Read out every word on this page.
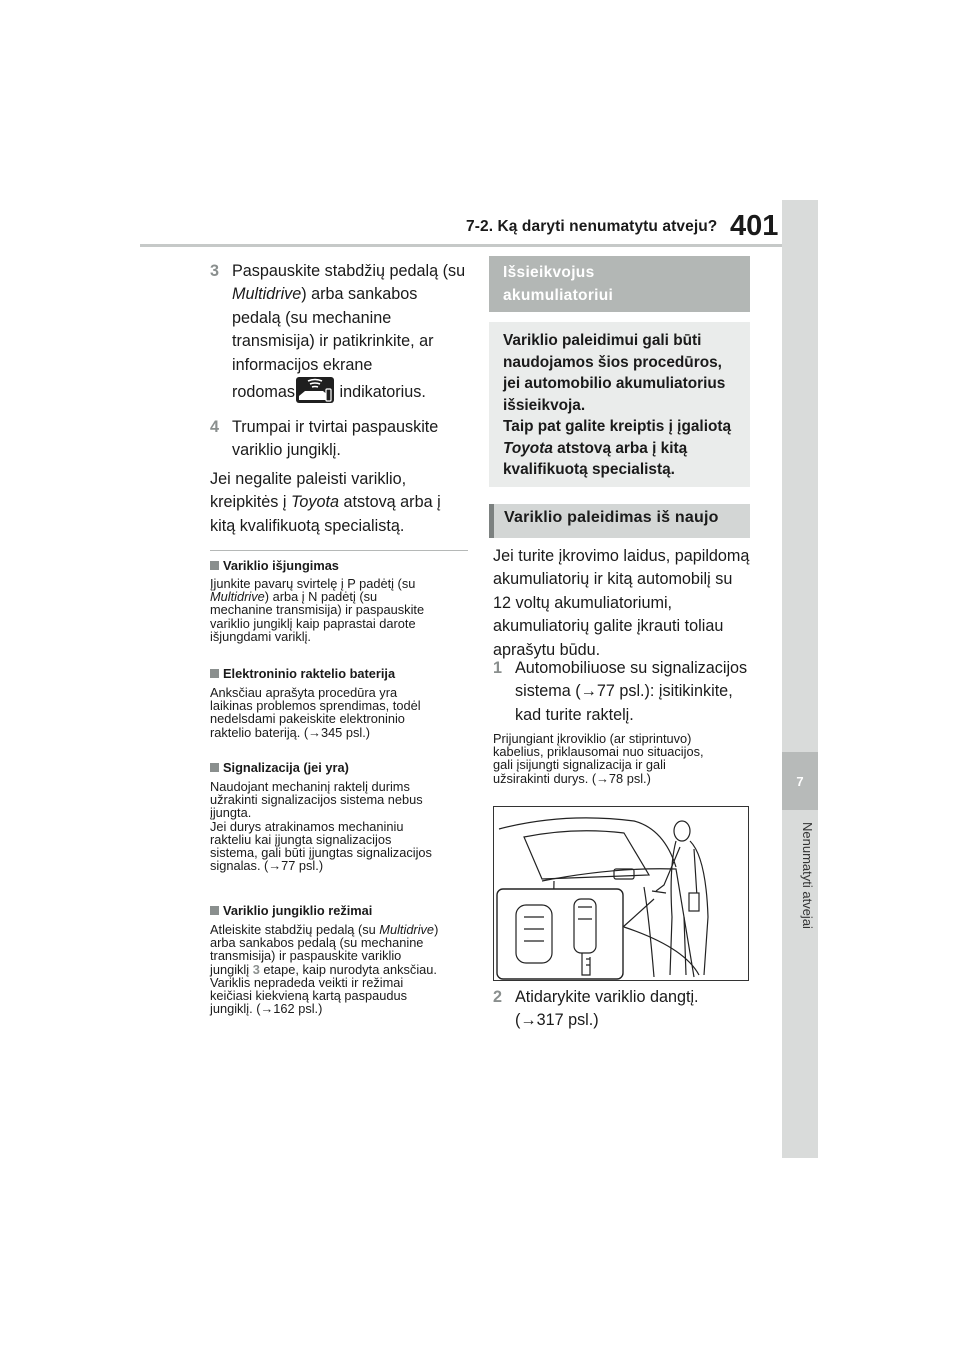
7-2. Ką daryti nenumatytu atveju? 401
7
Nenumatyti atvejai
3 Paspauskite stabdžių pedalą (su
Multidrive) arba sankabos
pedalą (su mechanine
transmisija) ir patikrinkite, ar
informacijos ekrane
rodomas indikatorius.
4 Trumpai ir tvirtai paspauskite
variklio jungiklį.
Jei negalite paleisti variklio,
kreipkitės į Toyota atstovą arba į
kitą kvalifikuotą specialistą.
Variklio išjungimas
Įjunkite pavarų svirtelę į P padėtį (su
Multidrive) arba į N padėtį (su
mechanine transmisija) ir paspauskite
variklio jungiklį kaip paprastai darote
išjungdami variklį.
Elektroninio raktelio baterija
Anksčiau aprašyta procedūra yra
laikinas problemos sprendimas, todėl
nedelsdami pakeiskite elektroninio
raktelio bateriją. (→345 psl.)
Signalizacija (jei yra)
Naudojant mechaninį raktelį durims
užrakinti signalizacijos sistema nebus
įjungta.
Jei durys atrakinamos mechaniniu
rakteliu kai įjungta signalizacijos
sistema, gali būti įjungtas signalizacijos
signalas. (→77 psl.)
Variklio jungiklio režimai
Atleiskite stabdžių pedalą (su Multidrive)
arba sankabos pedalą (su mechanine
transmisija) ir paspauskite variklio
jungiklį 3 etape, kaip nurodyta anksčiau.
Variklis nepradeda veikti ir režimai
keičiasi kiekvieną kartą paspaudus
jungiklį. (→162 psl.)
Išsieikvojus
akumuliatoriui
Variklio paleidimui gali būti
naudojamos šios procedūros,
jei automobilio akumuliatorius
išsieikvoja.
Taip pat galite kreiptis į įgaliotą
Toyota atstovą arba į kitą
kvalifikuotą specialistą.
Variklio paleidimas iš naujo
Jei turite įkrovimo laidus, papildomą
akumuliatorių ir kitą automobilį su
12 voltų akumuliatoriumi,
akumuliatorių galite įkrauti toliau
aprašytu būdu.
1 Automobiliuose su signalizacijos
sistema (→77 psl.): įsitikinkite,
kad turite raktelį.
Prijungiant įkroviklio (ar stiprintuvo)
kabelius, priklausomai nuo situacijos,
gali įsijungti signalizacija ir gali
užsirakinti durys. (→78 psl.)
2 Atidarykite variklio dangtį.
(→317 psl.)
